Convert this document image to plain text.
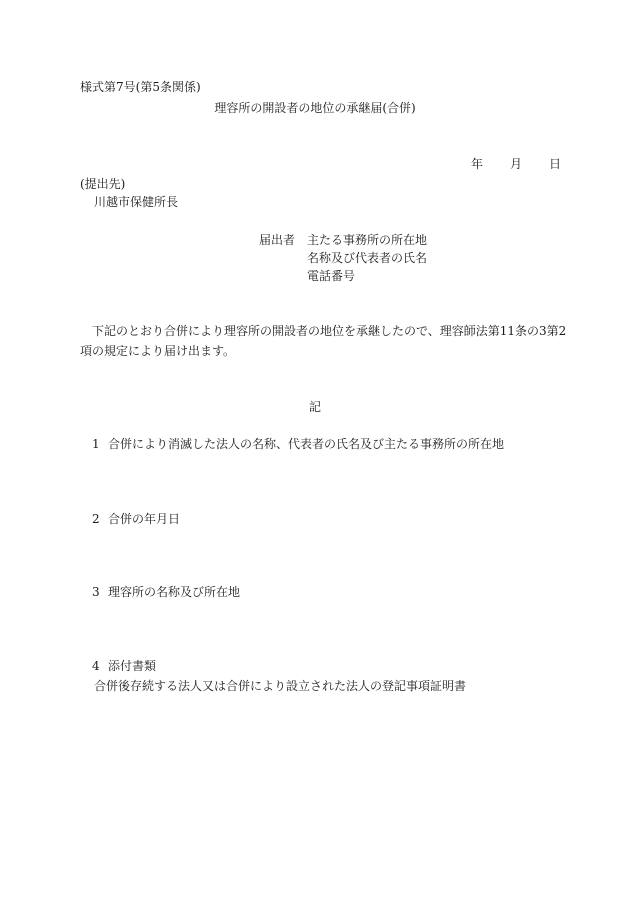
様式第7号(第5条関係)

理容所の開設者の地位の承継届(合併)

年 月 日

(提出先)

川越市保健所長

届出者 主たる事務所の所在地

名称及び代表者の氏名

電話番号

　下記のとおり合併により理容所の開設者の地位を承継したので、理容師法第11条の3第2

項の規定により届け出ます。

記

1 合併により消滅した法人の名称、代表者の氏名及び主たる事務所の所在地

2 合併の年月日

3 理容所の名称及び所在地

4 添付書類

合併後存続する法人又は合併により設立された法人の登記事項証明書
